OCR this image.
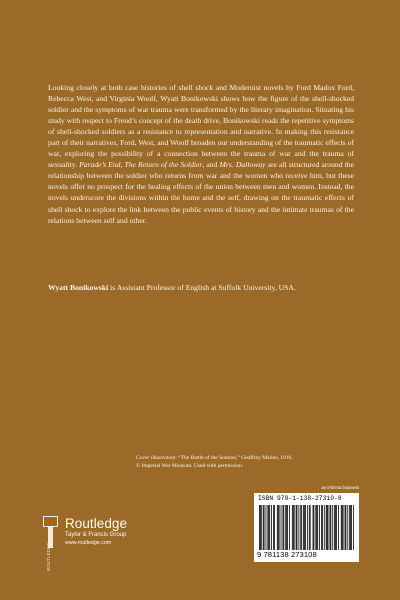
Looking closely at both case histories of shell shock and Modernist novels by Ford Madox Ford, Rebecca West, and Virginia Woolf, Wyatt Bonikowski shows how the figure of the shell-shocked soldier and the symptoms of war trauma were transformed by the literary imagination. Situating his study with respect to Freud’s concept of the death drive, Bonikowski reads the repetitive symptoms of shell-shocked soldiers as a resistance to representation and narrative. In making this resistance part of their narratives, Ford, West, and Woolf broaden our understanding of the traumatic effects of war, exploring the possibility of a connection between the trauma of war and the trauma of sexuality. Parade’s End, The Return of the Soldier, and Mrs. Dalloway are all structured around the relationship between the soldier who returns from war and the women who receive him, but these novels offer no prospect for the healing effects of the union between men and women. Instead, the novels underscore the divisions within the home and the self, drawing on the traumatic effects of shell shock to explore the link between the public events of history and the intimate traumas of the relations between self and other.
Wyatt Bonikowski is Assistant Professor of English at Suffolk University, USA.
Cover illustration: “The Battle of the Somme,” Geoffrey Malins, 1916.
© Imperial War Museum. Used with permission.
ROUTLEDGE
Routledge
Taylor & Francis Group
www.routledge.com
an informa business
ISBN 978-1-138-27310-8
9 781138 273108
